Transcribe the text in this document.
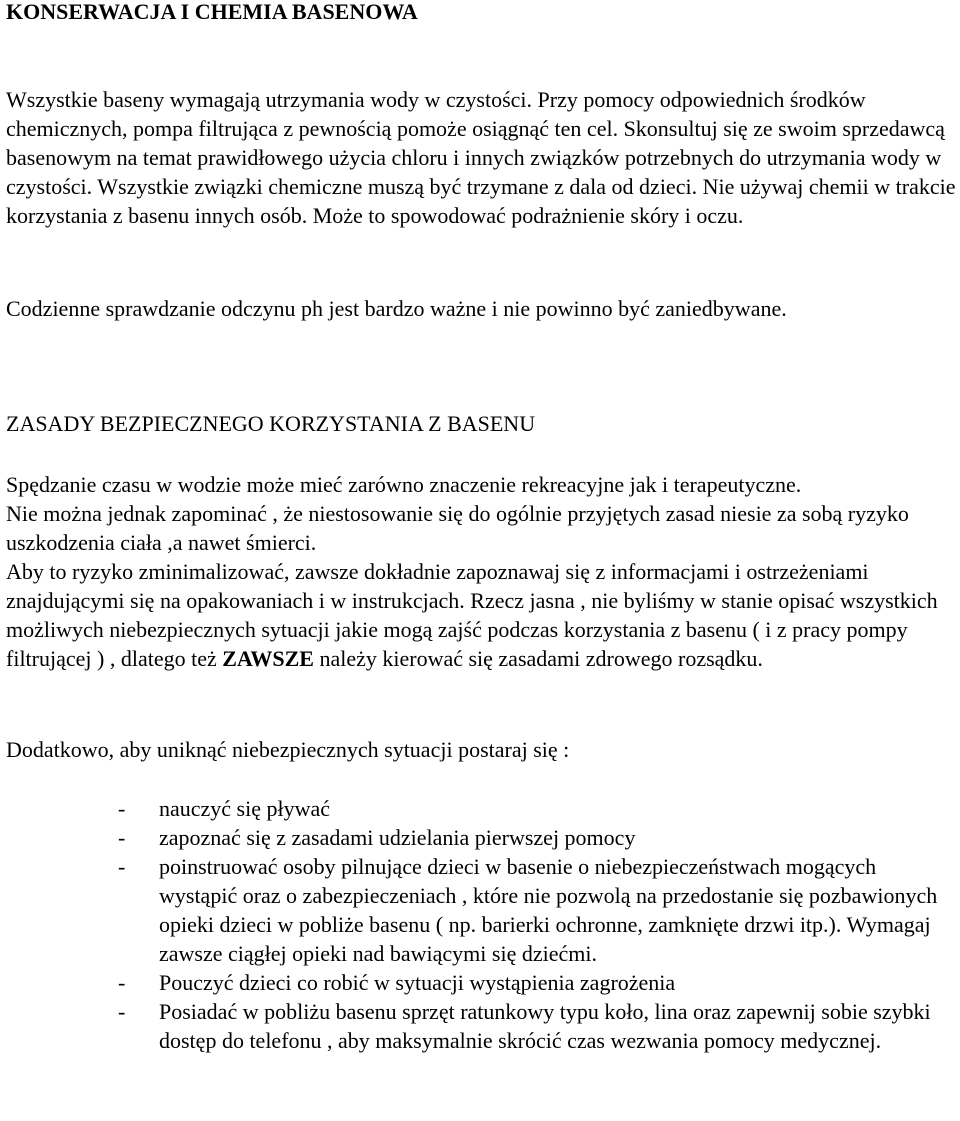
KONSERWACJA I CHEMIA BASENOWA

Wszystkie baseny wymagają utrzymania wody w czystości. Przy pomocy odpowiednich środków chemicznych, pompa filtrująca z pewnością pomoże osiągnąć ten cel. Skonsultuj się ze swoim sprzedawcą basenowym na temat prawidłowego użycia chloru i innych związków potrzebnych do utrzymania wody w czystości. Wszystkie związki chemiczne muszą być trzymane z dala od dzieci. Nie używaj chemii w trakcie korzystania z basenu innych osób. Może to spowodować podrażnienie skóry i oczu.

Codzienne sprawdzanie odczynu ph jest bardzo ważne i nie powinno być zaniedbywane.

ZASADY BEZPIECZNEGO KORZYSTANIA Z BASENU

Spędzanie czasu w wodzie może mieć zarówno znaczenie rekreacyjne jak i terapeutyczne.

Nie można jednak zapominać , że niestosowanie się do ogólnie przyjętych zasad niesie za sobą ryzyko uszkodzenia ciała ,a nawet śmierci.

Aby to ryzyko zminimalizować, zawsze dokładnie zapoznawaj się z informacjami i ostrzeżeniami znajdującymi się na opakowaniach i w instrukcjach. Rzecz jasna , nie byliśmy w stanie opisać wszystkich możliwych niebezpiecznych sytuacji jakie mogą zajść podczas korzystania z basenu ( i z pracy pompy filtrującej ) , dlatego też ZAWSZE należy kierować się zasadami zdrowego rozsądku.

Dodatkowo, aby uniknąć niebezpiecznych sytuacji postaraj się :

- nauczyć się pływać
- zapoznać się z zasadami udzielania pierwszej pomocy
- poinstruować osoby pilnujące dzieci w basenie o niebezpieczeństwach mogących wystąpić oraz o zabezpieczeniach , które nie pozwolą na przedostanie się pozbawionych opieki dzieci w pobliże basenu ( np. barierki ochronne, zamknięte drzwi itp.). Wymagaj zawsze ciągłej opieki nad bawiącymi się dziećmi.
- Pouczyć dzieci co robić w sytuacji wystąpienia zagrożenia
- Posiadać w pobliżu basenu sprzęt ratunkowy typu koło, lina oraz zapewnij sobie szybki dostęp do telefonu , aby maksymalnie skrócić czas wezwania pomocy medycznej.
